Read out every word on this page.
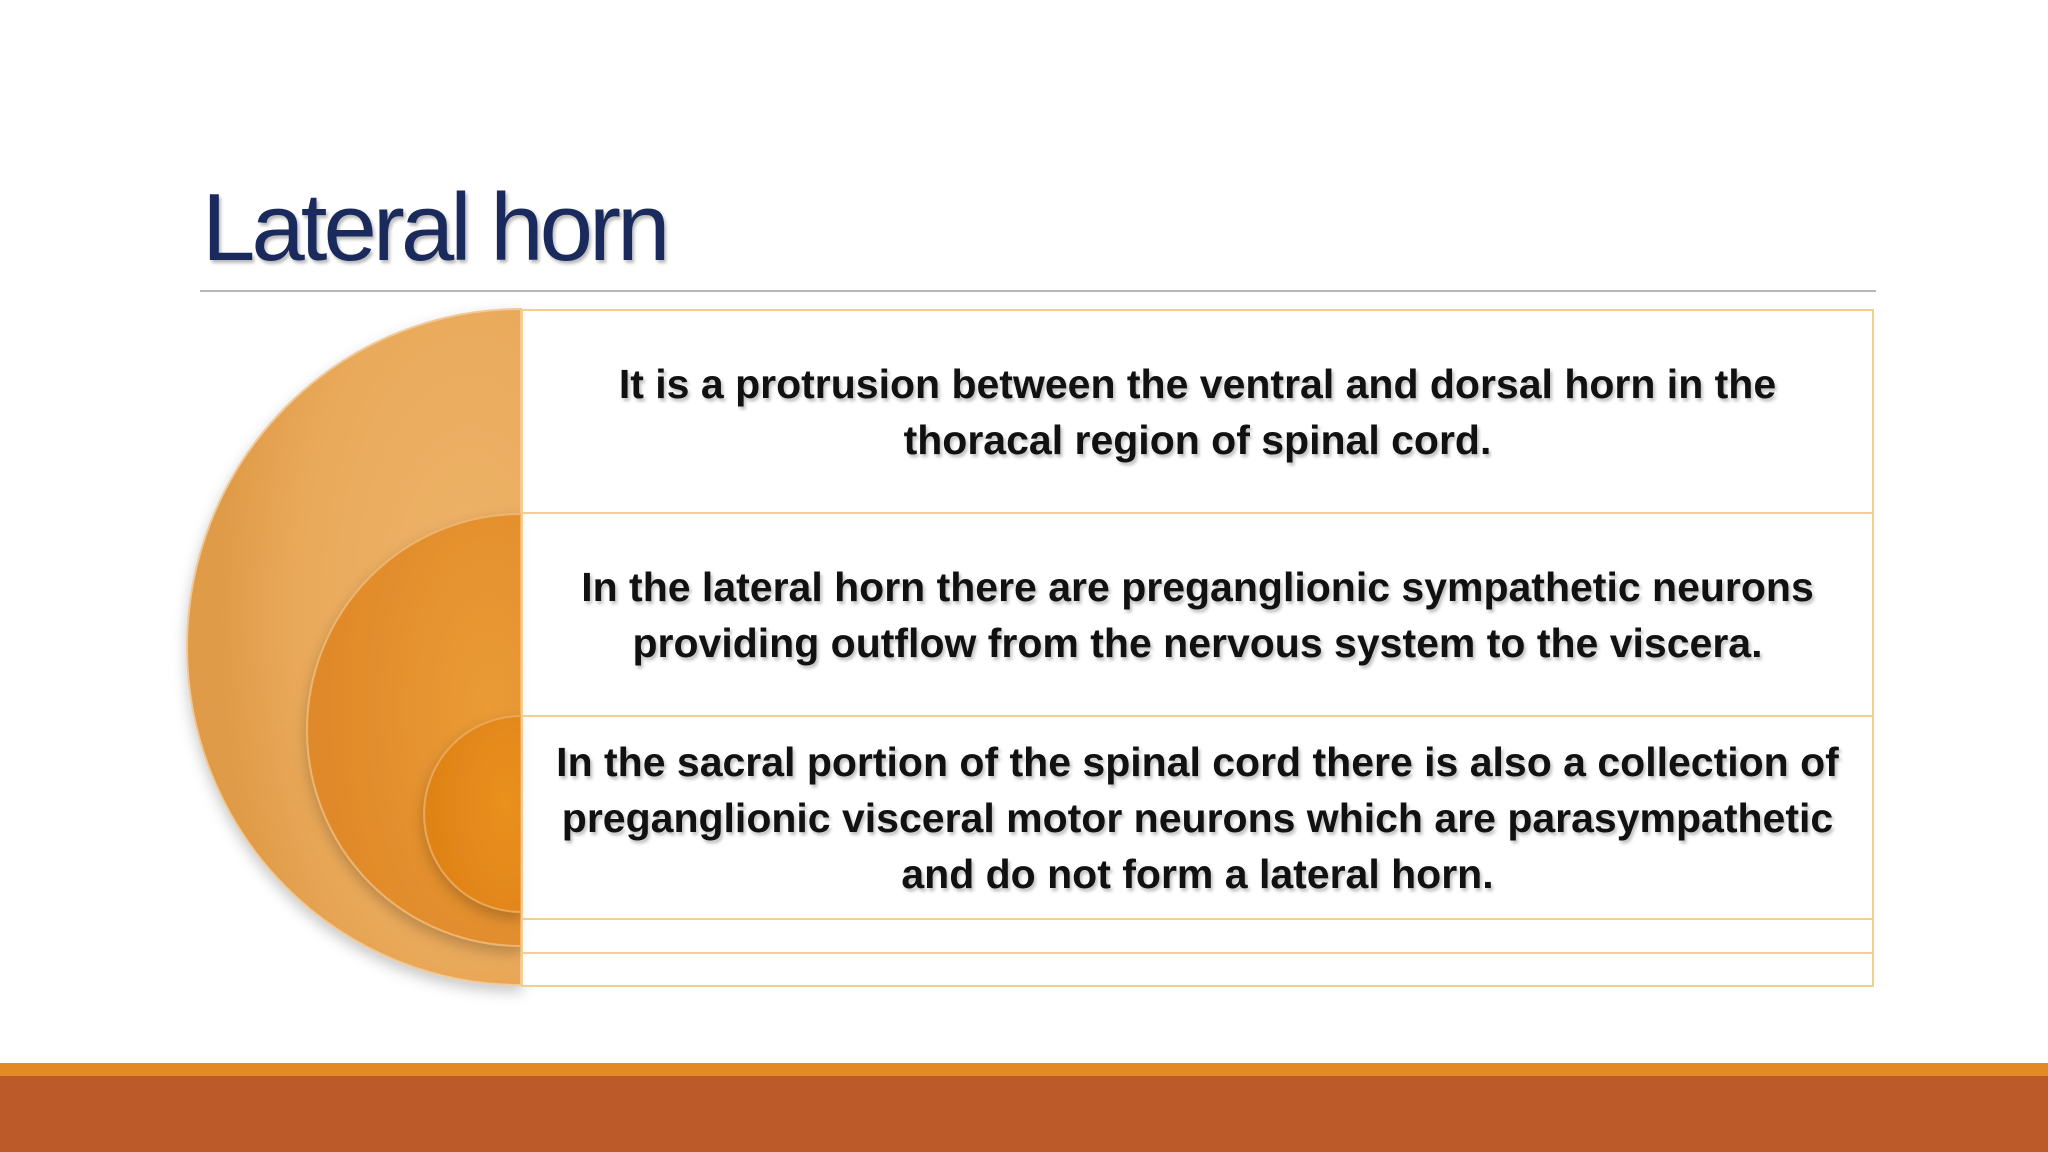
Lateral horn
It is a protrusion between the ventral and dorsal horn in the thoracal region of spinal cord.
In the lateral horn there are preganglionic sympathetic neurons providing outflow from the nervous system to the viscera.
In the sacral portion of the spinal cord there is also a collection of preganglionic visceral motor neurons which are parasympathetic and do not form a lateral horn.
